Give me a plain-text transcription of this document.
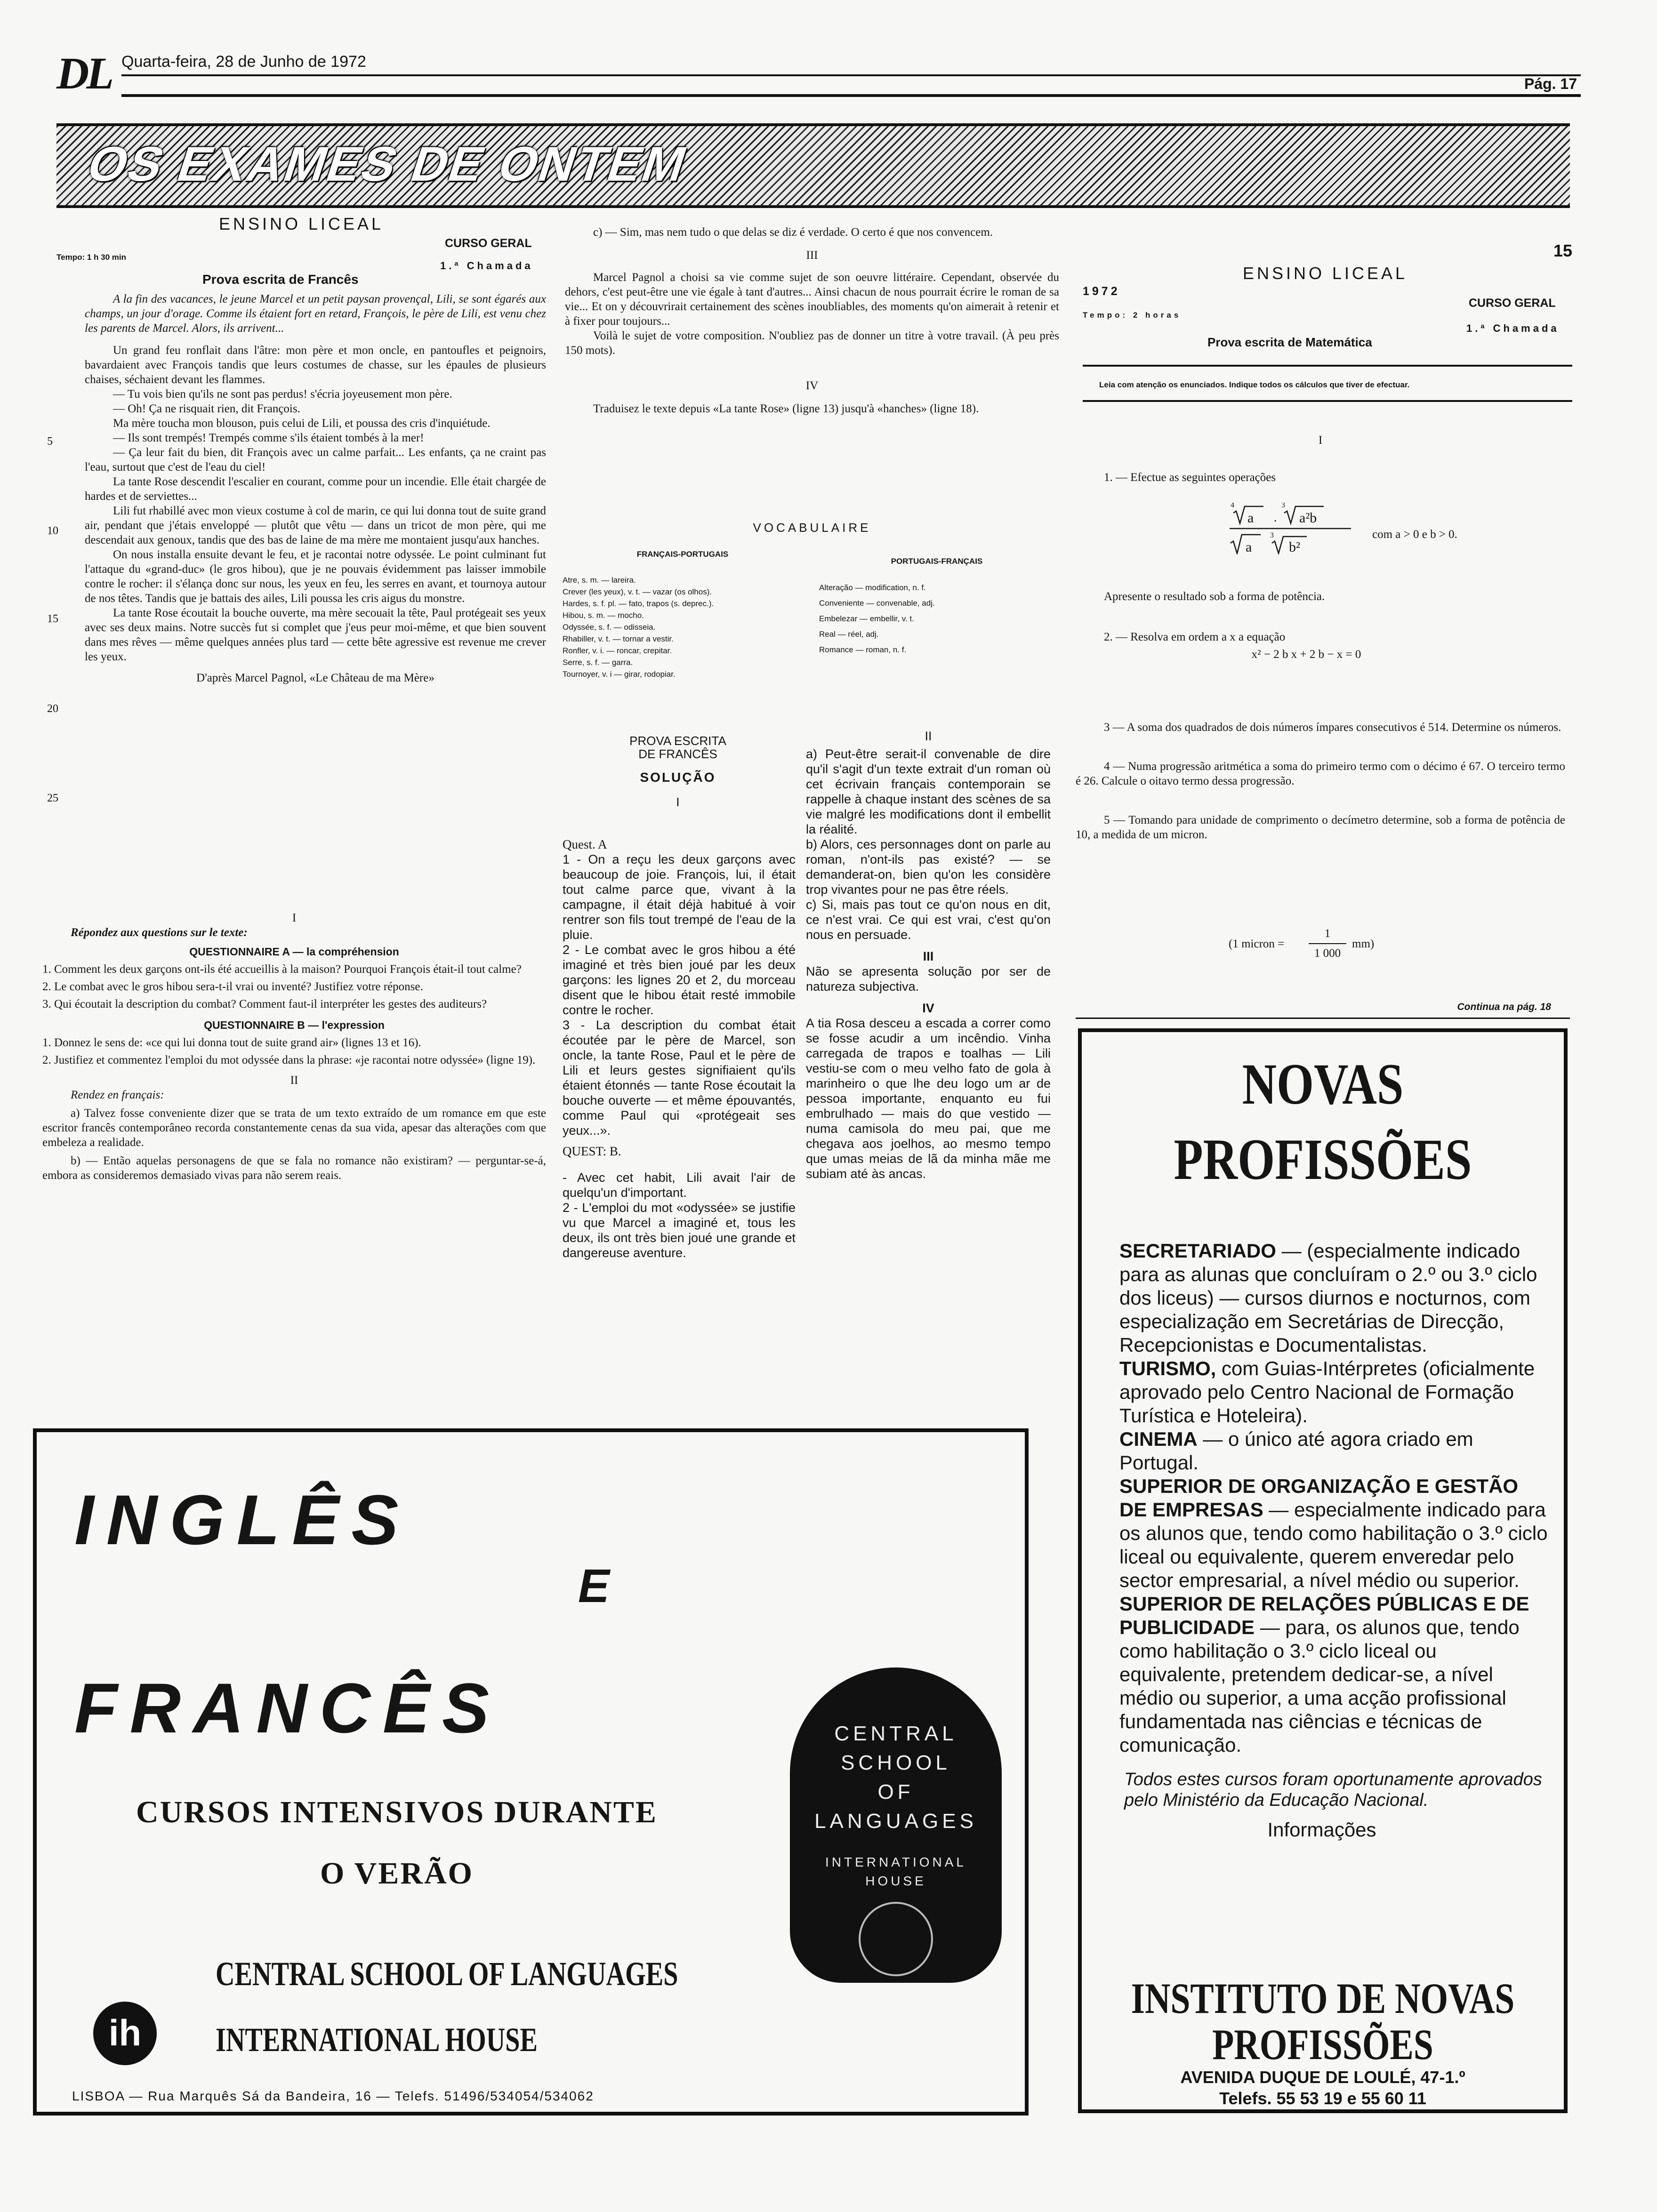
DL Quarta-feira, 28 de Junho de 1972
Pág. 17
OS EXAMES DE ONTEM
ENSINO LICEAL
CURSO GERAL
Tempo: 1 h 30 min
1.ª Chamada
Prova escrita de Francês

A la fin des vacances, le jeune Marcel et un petit paysan provençal, Lili, se sont égarés aux champs, un jour d'orage. Comme ils étaient fort en retard, François, le père de Lili, est venu chez les parents de Marcel. Alors, ils arrivent...

Un grand feu ronflait dans l'âtre: mon père et mon oncle, en pantoufles et peignoirs, bavardaient avec François tandis que leurs costumes de chasse, sur les épaules de plusieurs chaises, séchaient devant les flammes.

— Tu vois bien qu'ils ne sont pas perdus! s'écria joyeusement mon père.

— Oh! Ça ne risquait rien, dit François.

Ma mère toucha mon blouson, puis celui de Lili, et poussa des cris d'inquiétude.

— Ils sont trempés! Trempés comme s'ils étaient tombés à la mer!

— Ça leur fait du bien, dit François avec un calme parfait... Les enfants, ça ne craint pas l'eau, surtout que c'est de l'eau du ciel!

La tante Rose descendit l'escalier en courant, comme pour un incendie. Elle était chargée de hardes et de serviettes...

Lili fut rhabillé avec mon vieux costume à col de marin, ce qui lui donna tout de suite grand air, pendant que j'étais enveloppé — plutôt que vêtu — dans un tricot de mon père, qui me descendait aux genoux, tandis que des bas de laine de ma mère me montaient jusqu'aux hanches.

On nous installa ensuite devant le feu, et je racontai notre odyssée. Le point culminant fut l'attaque du «grand-duc» (le gros hibou), que je ne pouvais évidemment pas laisser immobile contre le rocher: il s'élança donc sur nous, les yeux en feu, les serres en avant, et tournoya autour de nos têtes. Tandis que je battais des ailes, Lili poussa les cris aigus du monstre.

La tante Rose écoutait la bouche ouverte, ma mère secouait la tête, Paul protégeait ses yeux avec ses deux mains. Notre succès fut si complet que j'eus peur moi-même, et que bien souvent dans mes rêves — même quelques années plus tard — cette bête agressive est revenue me crever les yeux.

D'après Marcel Pagnol, «Le Château de ma Mère»

5
10
15
20
25

I

Répondez aux questions sur le texte:

QUESTIONNAIRE A — la compréhension

1. Comment les deux garçons ont-ils été accueillis à la maison? Pourquoi François était-il tout calme?

2. Le combat avec le gros hibou sera-t-il vrai ou inventé? Justifiez votre réponse.

3. Qui écoutait la description du combat? Comment faut-il interpréter les gestes des auditeurs?

QUESTIONNAIRE B — l'expression

1. Donnez le sens de: «ce qui lui donna tout de suite grand air» (lignes 13 et 16).

2. Justifiez et commentez l'emploi du mot odyssée dans la phrase: «je racontai notre odyssée» (ligne 19).

II

Rendez en français:

a) Talvez fosse conveniente dizer que se trata de um texto extraído de um romance em que este escritor francês contemporâneo recorda constantemente cenas da sua vida, apesar das alterações com que embeleza a realidade.

b) — Então aquelas personagens de que se fala no romance não existiram? — perguntar-se-á, embora as consideremos demasiado vivas para não serem reais.

c) — Sim, mas nem tudo o que delas se diz é verdade. O certo é que nos convencem.

III

Marcel Pagnol a choisi sa vie comme sujet de son oeuvre littéraire. Cependant, observée du dehors, c'est peut-être une vie égale à tant d'autres... Ainsi chacun de nous pourrait écrire le roman de sa vie... Et on y découvrirait certainement des scènes inoubliables, des moments qu'on aimerait à retenir et à fixer pour toujours...

Voilà le sujet de votre composition. N'oubliez pas de donner un titre à votre travail. (À peu près 150 mots).

IV

Traduisez le texte depuis «La tante Rose» (ligne 13) jusqu'à «hanches» (ligne 18).

VOCABULAIRE
FRANÇAIS-PORTUGAIS
PORTUGAIS-FRANÇAIS
Atre, s. m. — lareira.
Crever (les yeux), v. t. — vazar (os olhos).
Hardes, s. f. pl. — fato, trapos (s. deprec.).
Hibou, s. m. — mocho.
Odyssée, s. f. — odisseia.
Rhabiller, v. t. — tornar a vestir.
Ronfler, v. i. — roncar, crepitar.
Serre, s. f. — garra.
Tournoyer, v. i — girar, rodopiar.
Alteração — modification, n. f.
Conveniente — convenable, adj.
Embelezar — embellir, v. t.
Real — réel, adj.
Romance — roman, n. f.
PROVA ESCRITA
DE FRANCÊS
SOLUÇÃO
I
Quest. A
1 - On a reçu les deux garçons avec beaucoup de joie. François, lui, il était tout calme parce que, vivant à la campagne, il était déjà habitué à voir rentrer son fils tout trempé de l'eau de la pluie.
2 - Le combat avec le gros hibou a été imaginé et très bien joué par les deux garçons: les lignes 20 et 2, du morceau disent que le hibou était resté immobile contre le rocher.
3 - La description du combat était écoutée par le père de Marcel, son oncle, la tante Rose, Paul et le père de Lili et leurs gestes signifiaient qu'ils étaient étonnés — tante Rose écoutait la bouche ouverte — et même épouvantés, comme Paul qui «protégeait ses yeux...».
QUEST: B.
- Avec cet habit, Lili avait l'air de quelqu'un d'important.
2 - L'emploi du mot «odyssée» se justifie vu que Marcel a imaginé et, tous les deux, ils ont très bien joué une grande et dangereuse aventure.
II
a) Peut-être serait-il convenable de dire qu'il s'agit d'un texte extrait d'un roman où cet écrivain français contemporain se rappelle à chaque instant des scènes de sa vie malgré les modifications dont il embellit la réalité.
b) Alors, ces personnages dont on parle au roman, n'ont-ils pas existé? — se demanderat-on, bien qu'on les considère trop vivantes pour ne pas être réels.
c) Si, mais pas tout ce qu'on nous en dit, ce n'est vrai. Ce qui est vrai, c'est qu'on nous en persuade.
III
Não se apresenta solução por ser de natureza subjectiva.
IV
A tia Rosa desceu a escada a correr como se fosse acudir a um incêndio. Vinha carregada de trapos e toalhas — Lili vestiu-se com o meu velho fato de gola à marinheiro o que lhe deu logo um ar de pessoa importante, enquanto eu fui embrulhado — mais do que vestido — numa camisola do meu pai, que me chegava aos joelhos, ao mesmo tempo que umas meias de lã da minha mãe me subiam até às ancas.
15
ENSINO LICEAL
1972
CURSO GERAL
Tempo: 2 horas
1.ª Chamada
Prova escrita de Matemática
Leia com atenção os enunciados. Indique todos os cálculos que tiver de efectuar.

I

1. — Efectue as seguintes operações

a . a²b
a	b²
4	3
3	com a > 0 e b > 0.

Apresente o resultado sob a forma de potência.

2. — Resolva em ordem a x a equação

x² − 2 b x + 2 b − x = 0

3 — A soma dos quadrados de dois números ímpares consecutivos é 514. Determine os números.

4 — Numa progressão aritmética a soma do primeiro termo com o décimo é 67. O terceiro termo é 26. Calcule o oitavo termo dessa progressão.

5 — Tomando para unidade de comprimento o decímetro determine, sob a forma de potência de 10, a medida de um micron.

(1 micron =
1
1 000
mm)
Continua na pág. 18
INGLÊS
E
FRANCÊS
CURSOS INTENSIVOS DURANTE
O VERÃO
CENTRAL SCHOOL OF LANGUAGES
INTERNATIONAL HOUSE
ih
CENTRAL
SCHOOL
OF
LANGUAGES
INTERNATIONAL
HOUSE
LISBOA — Rua Marquês Sá da Bandeira, 16 — Telefs. 51496/534054/534062
NOVAS
PROFISSÕES
SECRETARIADO — (especialmente indicado para as alunas que concluíram o 2.º ou 3.º ciclo dos liceus) — cursos diurnos e nocturnos, com especialização em Secretárias de Direcção, Recepcionistas e Documentalistas.
TURISMO, com Guias-Intérpretes (oficialmente aprovado pelo Centro Nacional de Formação Turística e Hoteleira).
CINEMA — o único até agora criado em Portugal.
SUPERIOR DE ORGANIZAÇÃO E GESTÃO DE EMPRESAS — especialmente indicado para os alunos que, tendo como habilitação o 3.º ciclo liceal ou equivalente, querem enveredar pelo sector empresarial, a nível médio ou superior.
SUPERIOR DE RELAÇÕES PÚBLICAS E DE PUBLICIDADE — para, os alunos que, tendo como habilitação o 3.º ciclo liceal ou equivalente, pretendem dedicar-se, a nível médio ou superior, a uma acção profissional fundamentada nas ciências e técnicas de comunicação.
Todos estes cursos foram oportunamente aprovados pelo Ministério da Educação Nacional.
Informações
INSTITUTO DE NOVAS
PROFISSÕES
AVENIDA DUQUE DE LOULÉ, 47-1.º
Telefs. 55 53 19 e 55 60 11
